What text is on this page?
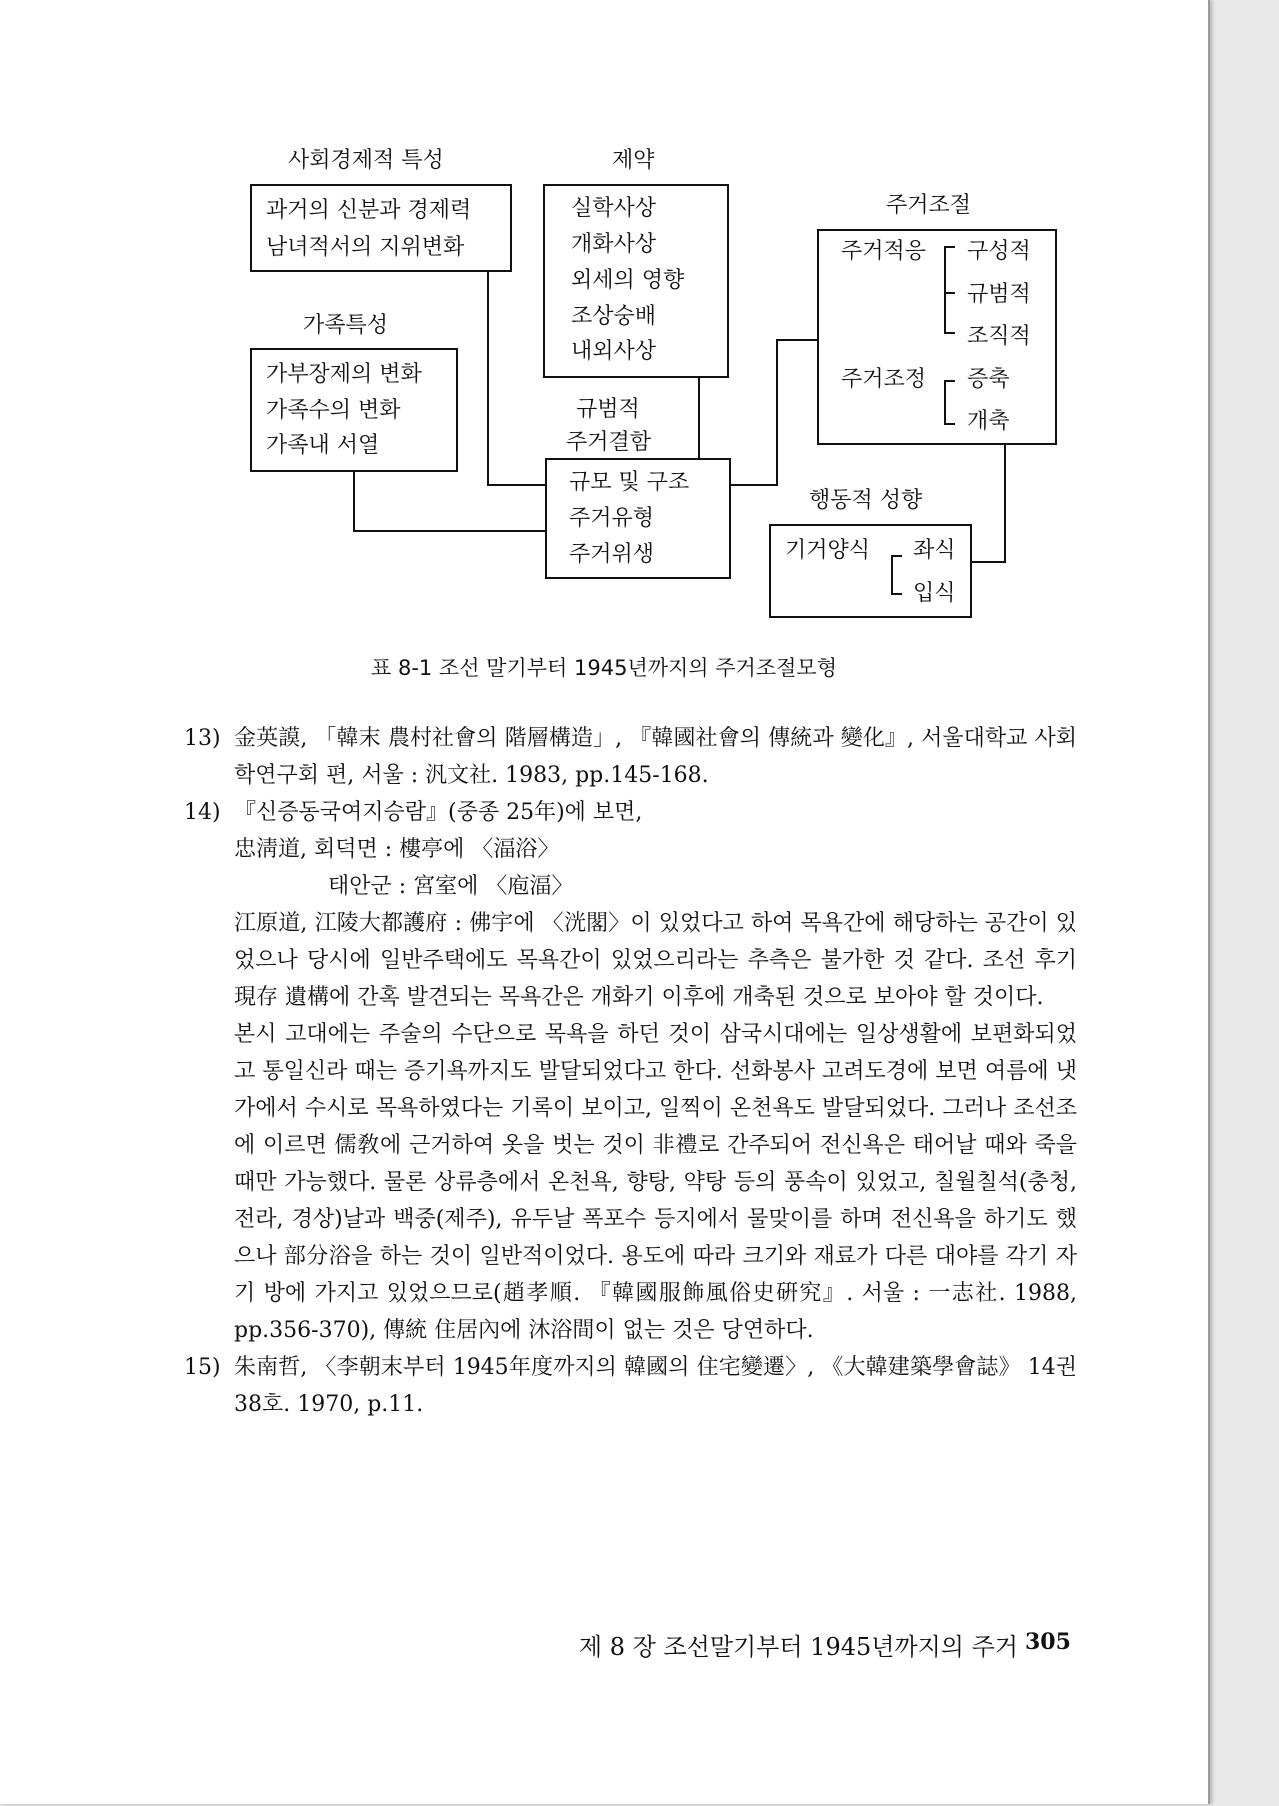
사회경제적 특성	제약
가족특성
규범적
주거결함
주거조절
행동적 성향
과거의 신분과 경제력
남녀적서의 지위변화
실학사상
개화사상
외세의 영향
조상숭배
내외사상
가부장제의 변화
가족수의 변화
가족내 서열
규모 및 구조
주거유형
주거위생
주거적응 구성적
규범적
조직적
주거조정 증축
개축
기거양식 좌식
입식
표 8-1 조선 말기부터 1945년까지의 주거조절모형
13) 金英謨, 「韓末 農村社會의 階層構造」, 『韓國社會의 傳統과 變化』, 서울대학교 사회학연구회 편, 서울 : 汎文社. 1983, pp.145-168.

14) 『신증동국여지승람』(중종 25年)에 보면,

忠淸道, 회덕면 : 樓亭에 〈湢浴〉

태안군 : 宮室에 〈庖湢〉

江原道, 江陵大都護府 : 佛宇에 〈洸閣〉이 있었다고 하여 목욕간에 해당하는 공간이 있었으나 당시에 일반주택에도 목욕간이 있었으리라는 추측은 불가한 것 같다. 조선 후기 現存 遺構에 간혹 발견되는 목욕간은 개화기 이후에 개축된 것으로 보아야 할 것이다.

본시 고대에는 주술의 수단으로 목욕을 하던 것이 삼국시대에는 일상생활에 보편화되었고 통일신라 때는 증기욕까지도 발달되었다고 한다. 선화봉사 고려도경에 보면 여름에 냇가에서 수시로 목욕하였다는 기록이 보이고, 일찍이 온천욕도 발달되었다. 그러나 조선조에 이르면 儒敎에 근거하여 옷을 벗는 것이 非禮로 간주되어 전신욕은 태어날 때와 죽을 때만 가능했다. 물론 상류층에서 온천욕, 향탕, 약탕 등의 풍속이 있었고, 칠월칠석(충청, 전라, 경상)날과 백중(제주), 유두날 폭포수 등지에서 물맞이를 하며 전신욕을 하기도 했으나 部分浴을 하는 것이 일반적이었다. 용도에 따라 크기와 재료가 다른 대야를 각기 자기 방에 가지고 있었으므로(趙孝順. 『韓國服飾風俗史硏究』. 서울 : 一志社. 1988, pp.356-370), 傳統 住居內에 沐浴間이 없는 것은 당연하다.

15) 朱南哲, 〈李朝末부터 1945年度까지의 韓國의 住宅變遷〉, 《大韓建築學會誌》 14권 38호. 1970, p.11.

제 8 장 조선말기부터 1945년까지의 주거 305
